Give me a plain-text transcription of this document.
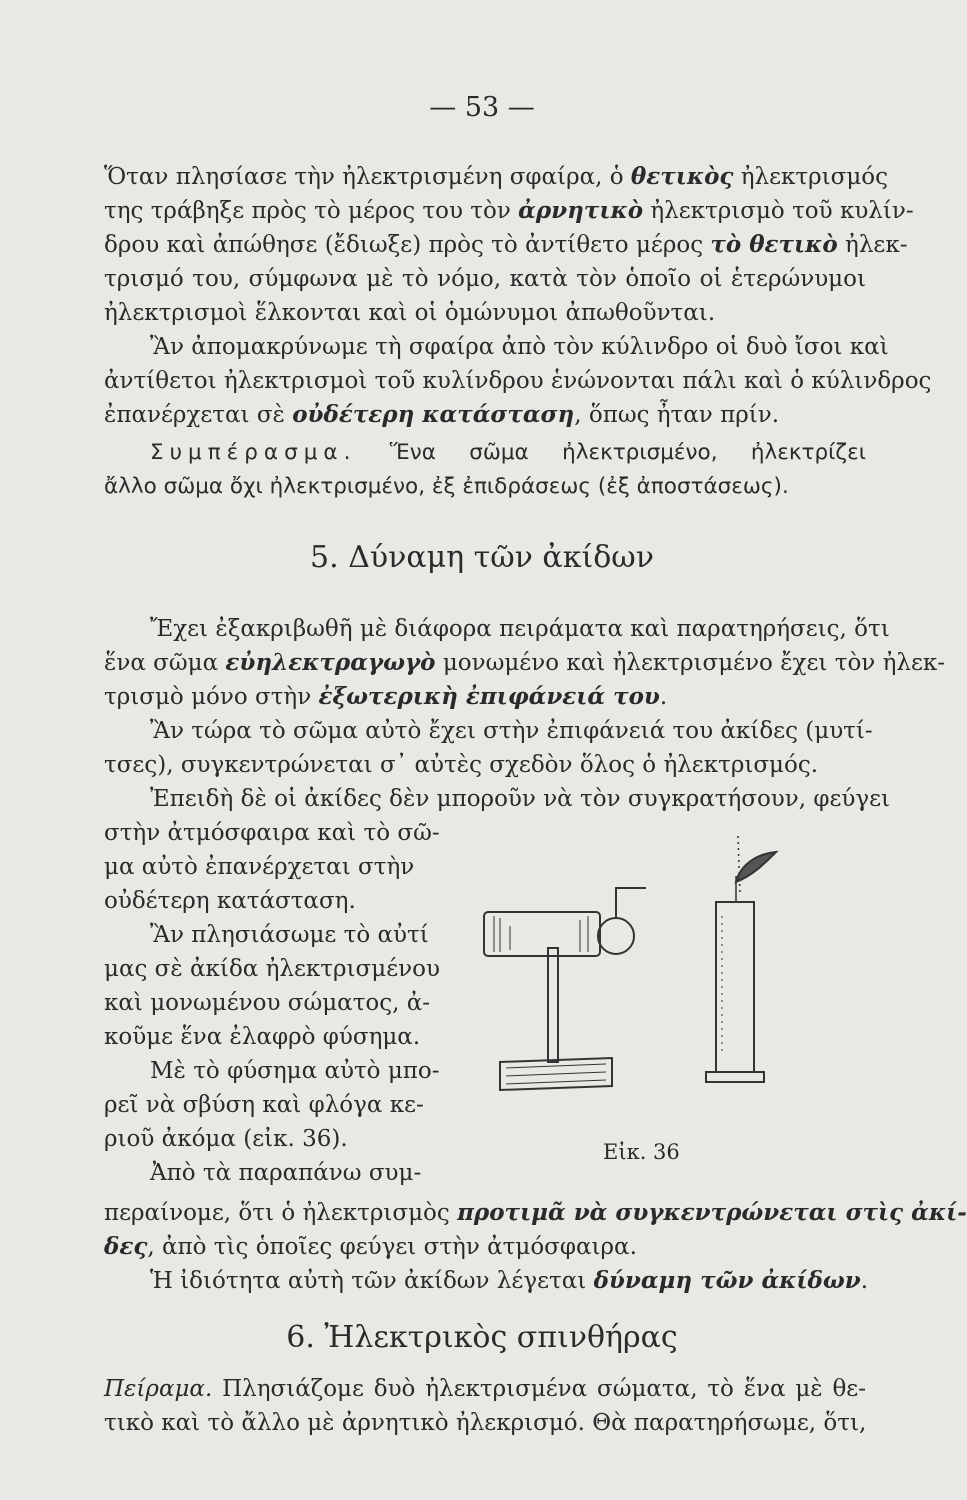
— 53 —
Ὅταν πλησίασε τὴν ἠλεκτρισμένη σφαίρα, ὁ θετικὸς ἠλεκτρισμός
της τράβηξε πρὸς τὸ μέρος του τὸν ἀρνητικὸ ἠλεκτρισμὸ τοῦ κυλίν-
δρου καὶ ἀπώθησε (ἔδιωξε) πρὸς τὸ ἀντίθετο μέρος τὸ θετικὸ ἠλεκ-
τρισμό του, σύμφωνα μὲ τὸ νόμο, κατὰ τὸν ὁποῖο οἱ ἑτερώνυμοι
ἠλεκτρισμοὶ ἕλκονται καὶ οἱ ὁμώνυμοι ἀπωθοῦνται.
Ἂν ἀπομακρύνωμε τὴ σφαίρα ἀπὸ τὸν κύλινδρο οἱ δυὸ ἴσοι καὶ
ἀντίθετοι ἠλεκτρισμοὶ τοῦ κυλίνδρου ἑνώνονται πάλι καὶ ὁ κύλινδρος
ἐπανέρχεται σὲ οὐδέτερη κατάσταση, ὅπως ἦταν πρίν.
Συμπέρασμα. Ἕνα σῶμα ἠλεκτρισμένο, ἠλεκτρίζει
ἄλλο σῶμα ὄχι ἠλεκτρισμένο, ἐξ ἐπιδράσεως (ἐξ ἀποστάσεως).
5. Δύναμη τῶν ἀκίδων
Ἔχει ἐξακριβωθῆ μὲ διάφορα πειράματα καὶ παρατηρήσεις, ὅτι
ἕνα σῶμα εὐηλεκτραγωγὸ μονωμένο καὶ ἠλεκτρισμένο ἔχει τὸν ἠλεκ-
τρισμὸ μόνο στὴν ἐξωτερικὴ ἐπιφάνειά του.
Ἂν τώρα τὸ σῶμα αὐτὸ ἔχει στὴν ἐπιφάνειά του ἀκίδες (μυτί-
τσες), συγκεντρώνεται σ᾽ αὐτὲς σχεδὸν ὅλος ὁ ἠλεκτρισμός.
Ἐπειδὴ δὲ οἱ ἀκίδες δὲν μποροῦν νὰ τὸν συγκρατήσουν, φεύγει
στὴν ἀτμόσφαιρα καὶ τὸ σῶ-
μα αὐτὸ ἐπανέρχεται στὴν
οὐδέτερη κατάσταση.
Ἂν πλησιάσωμε τὸ αὐτί
μας σὲ ἀκίδα ἠλεκτρισμένου
καὶ μονωμένου σώματος, ἀ-
κοῦμε ἕνα ἐλαφρὸ φύσημα.
Μὲ τὸ φύσημα αὐτὸ μπο-
ρεῖ νὰ σβύση καὶ φλόγα κε-
ριοῦ ἀκόμα (εἰκ. 36).
Ἀπὸ τὰ παραπάνω συμ-
περαίνομε, ὅτι ὁ ἠλεκτρισμὸς προτιμᾶ νὰ συγκεντρώνεται στὶς ἀκί-
δες, ἀπὸ τὶς ὁποῖες φεύγει στὴν ἀτμόσφαιρα.
Ἡ ἰδιότητα αὐτὴ τῶν ἀκίδων λέγεται δύναμη τῶν ἀκίδων.
6. Ἠλεκτρικὸς σπινθήρας
Πείραμα. Πλησιάζομε δυὸ ἠλεκτρισμένα σώματα, τὸ ἕνα μὲ θε-
τικὸ καὶ τὸ ἄλλο μὲ ἀρνητικὸ ἠλεκρισμό. Θὰ παρατηρήσωμε, ὅτι,
Εἰκ. 36
